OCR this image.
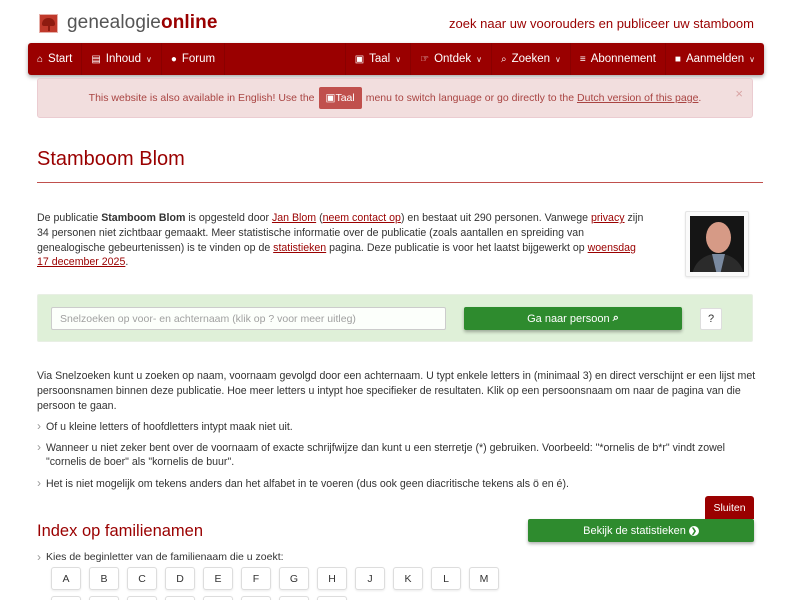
genealogieonline	zoek naar uw voorouders en publiceer uw stamboom
⌂ Start ▤ Inhoud ∨ ● Forum	▣ Taal ∨ ☞ Ontdek ∨ ⌕ Zoeken ∨ ≡ Abonnement ■ Aanmelden ∨
This website is also available in English! Use the ▣ Taal menu to switch language or go directly to the
Dutch version of this page .	×
Stamboom Blom

De publicatie Stamboom Blom is opgesteld door Jan Blom (neem contact op) en bestaat uit 290 personen. Vanwege privacy zijn 34 personen niet zichtbaar gemaakt. Meer statistische informatie over de publicatie (zoals aantallen en spreiding van genealogische gebeurtenissen) is te vinden op de statistieken pagina. Deze publicatie is voor het laatst bijgewerkt op woensdag 17 december 2025.

Snelzoeken op voor- en achternaam (klik op ? voor meer uitleg)
Ga naar persoon
⌕	?

Via Snelzoeken kunt u zoeken op naam, voornaam gevolgd door een achternaam. U typt enkele letters in (minimaal 3) en direct verschijnt er een lijst met persoonsnamen binnen deze publicatie. Hoe meer letters u intypt hoe specifieker de resultaten. Klik op een persoonsnaam om naar de pagina van die persoon te gaan.

› Of u kleine letters of hoofdletters intypt maak niet uit.
› Wanneer u niet zeker bent over de voornaam of exacte schrijfwijze dan kunt u een sterretje (*) gebruiken. Voorbeeld: "*ornelis de b*r" vindt zowel "cornelis de boer" als "kornelis de buur".
› Het is niet mogelijk om tekens anders dan het alfabet in te voeren (dus ook geen diacritische tekens als ö en é).
Sluiten
Bekijk de statistieken
❯
Index op familienamen
› Kies de beginletter van de familienaam die u zoekt:
A	B	C	D	E	F	G	H	J	K	L	M
